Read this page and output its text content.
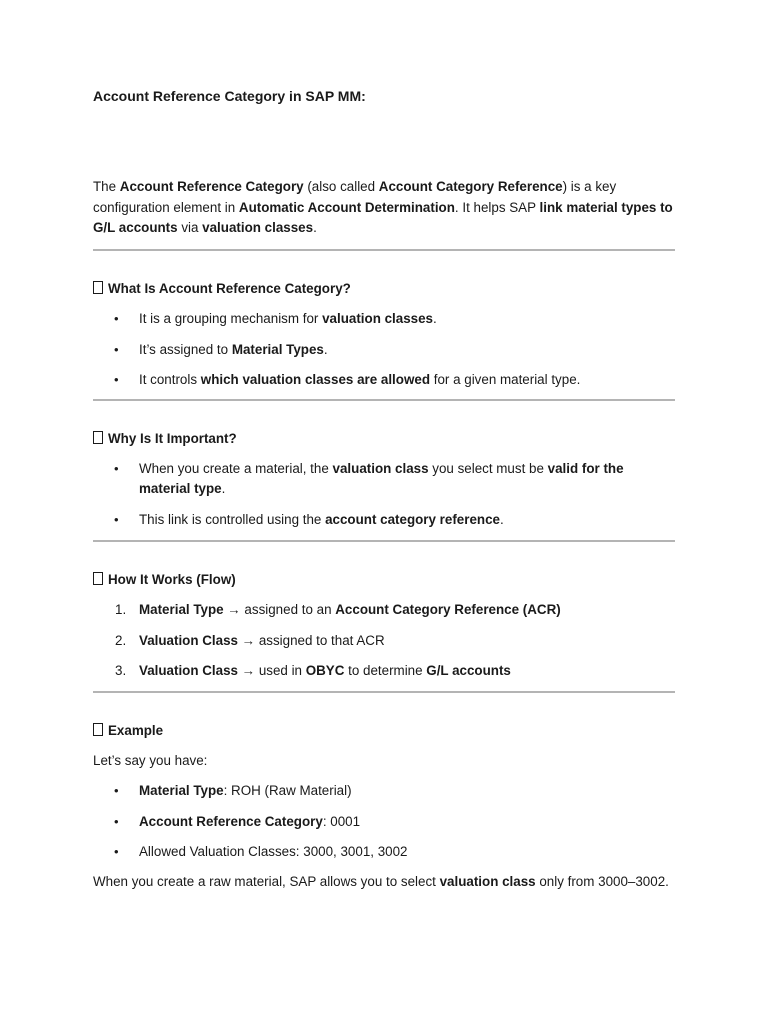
Account Reference Category in SAP MM:

The Account Reference Category (also called Account Category Reference) is a key configuration element in Automatic Account Determination. It helps SAP link material types to G/L accounts via valuation classes.

What Is Account Reference Category?
• It is a grouping mechanism for valuation classes.
• It’s assigned to Material Types.
• It controls which valuation classes are allowed for a given material type.
Why Is It Important?
• When you create a material, the valuation class you select must be valid for the material type.
• This link is controlled using the account category reference.
How It Works (Flow)
1. Material Type → assigned to an Account Category Reference (ACR)
2. Valuation Class → assigned to that ACR
3. Valuation Class → used in OBYC to determine G/L accounts
Example

Let’s say you have:

• Material Type: ROH (Raw Material)
• Account Reference Category: 0001
• Allowed Valuation Classes: 3000, 3001, 3002

When you create a raw material, SAP allows you to select valuation class only from 3000–3002.
